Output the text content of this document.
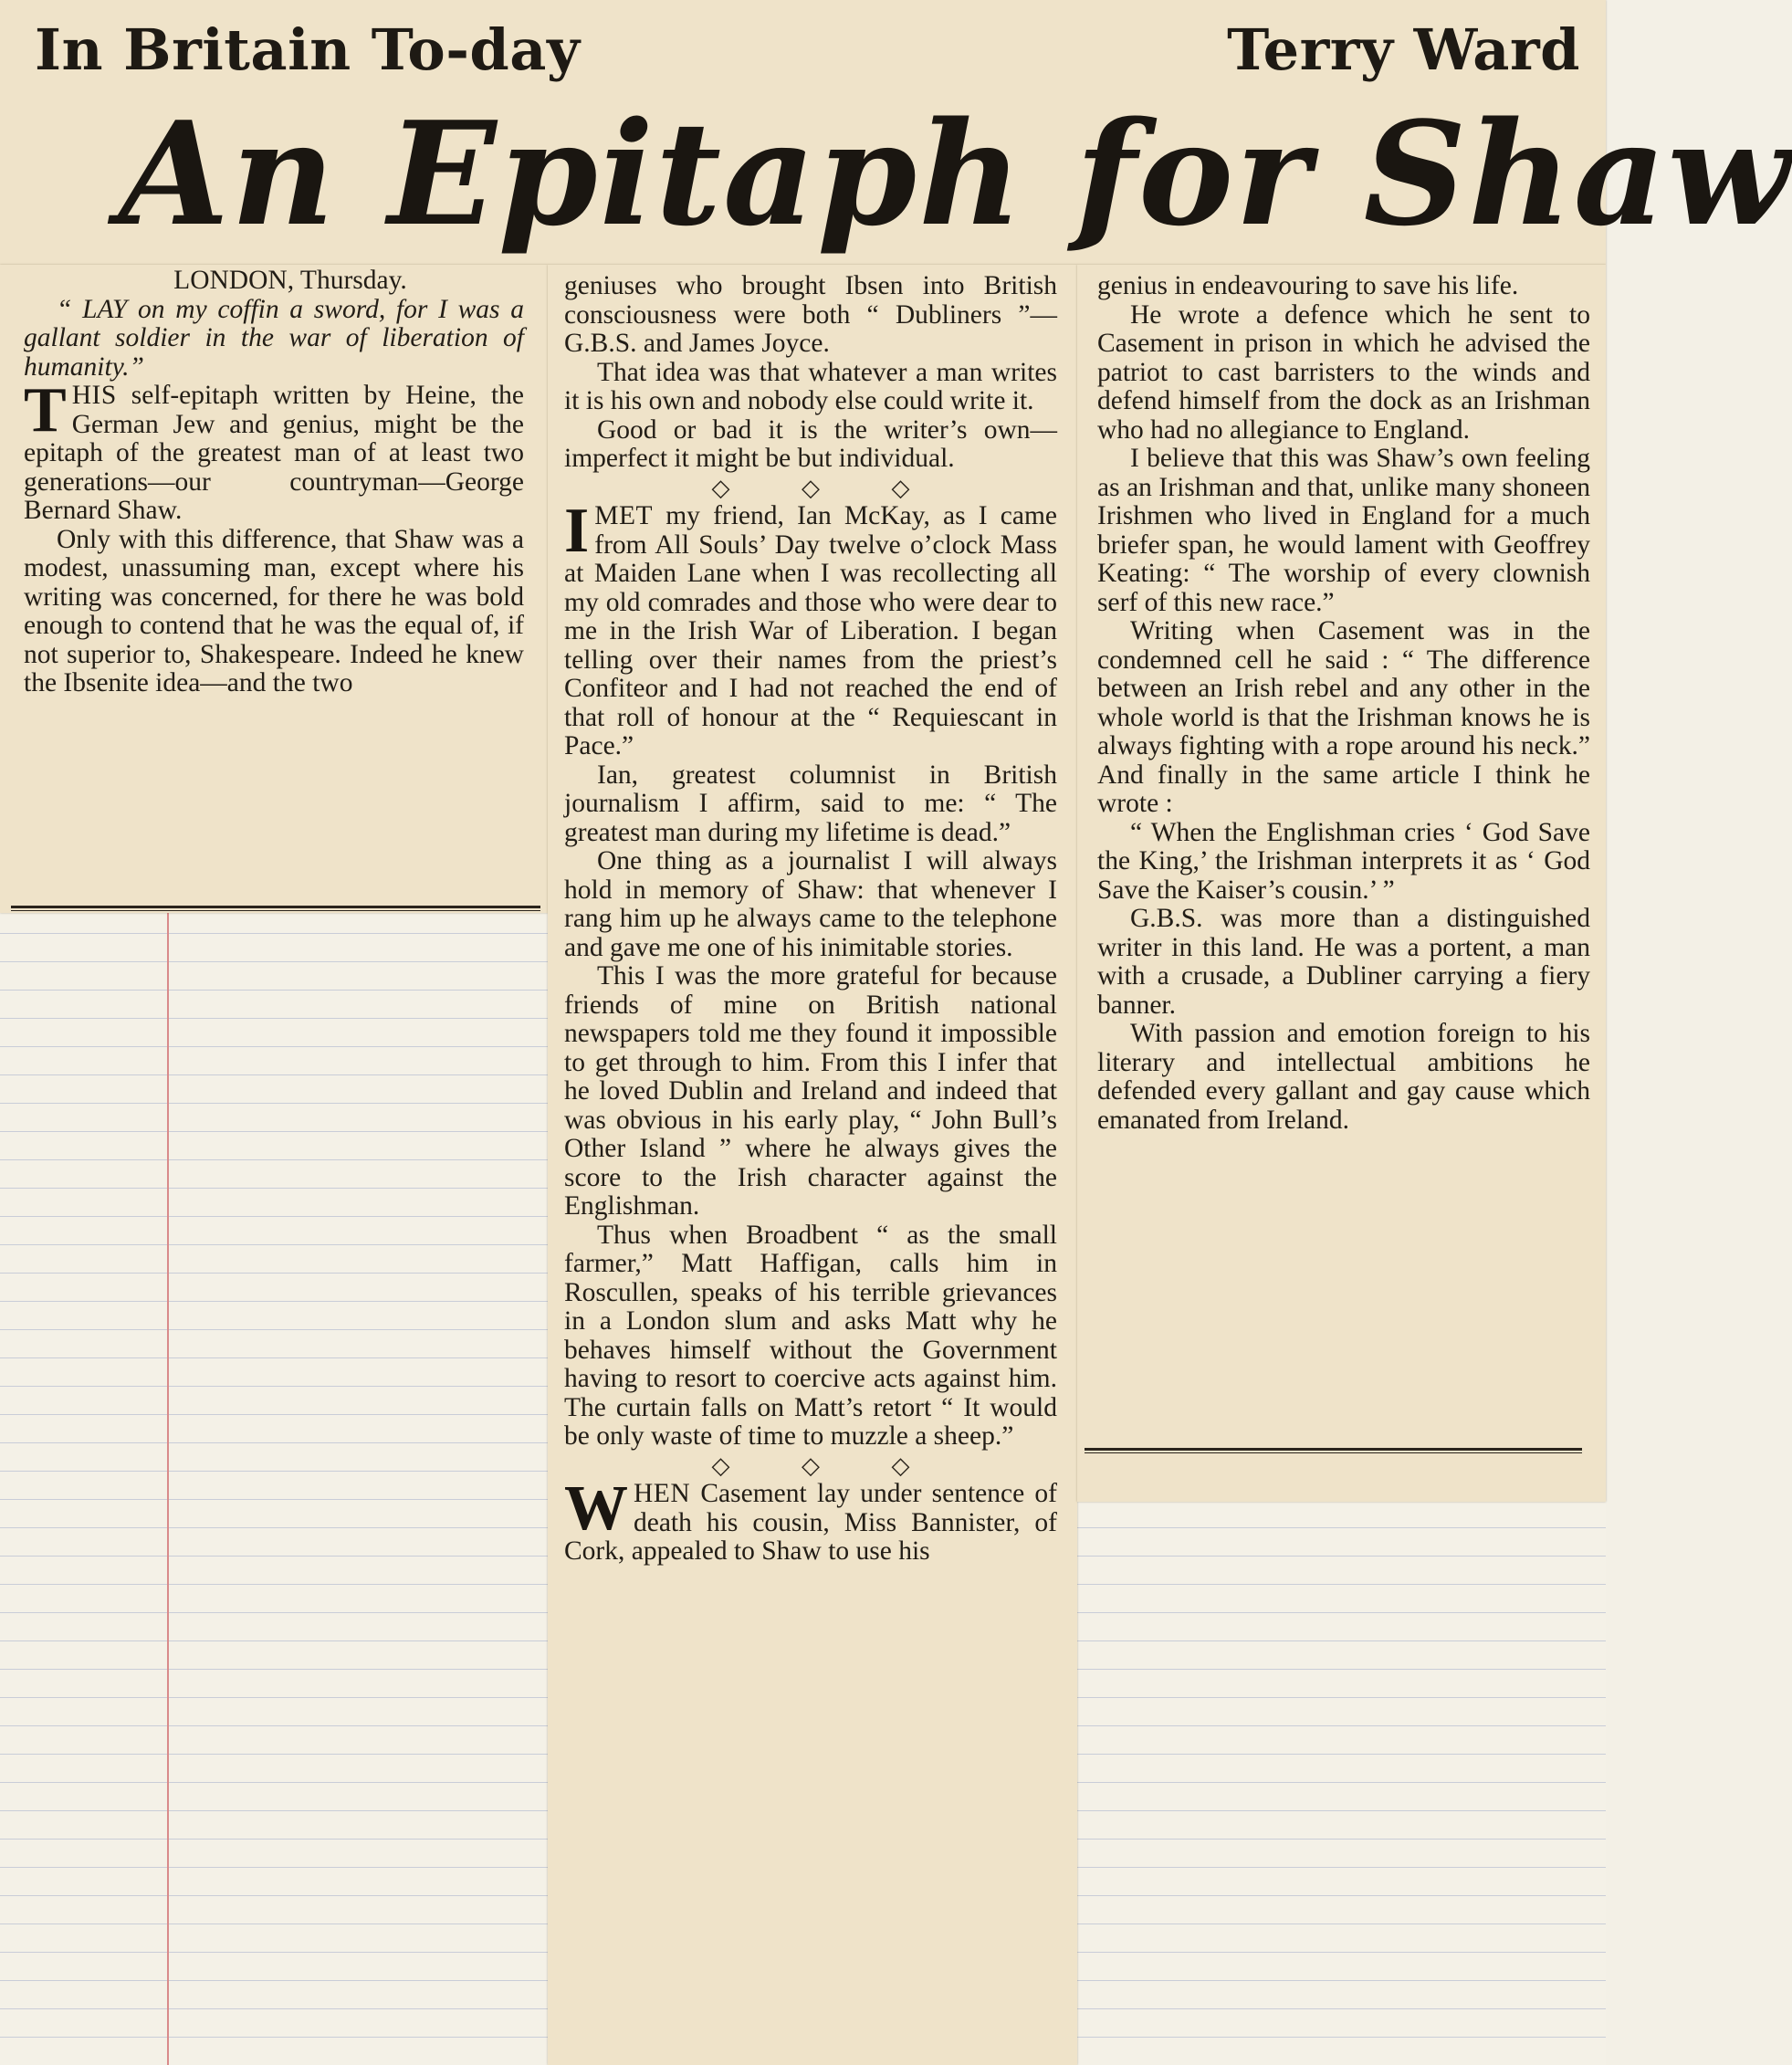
In Britain To-day	Terry Ward
An Epitaph for Shaw

LONDON, Thursday.

“ LAY on my coffin a sword, for I was a gallant soldier in the war of liberation of humanity.”

THIS self-epitaph written by Heine, the German Jew and genius, might be the epitaph of the greatest man of at least two generations—our countryman—George Bernard Shaw.

Only with this difference, that Shaw was a modest, unassuming man, except where his writing was concerned, for there he was bold enough to contend that he was the equal of, if not superior to, Shakespeare. Indeed he knew the Ibsenite idea—and the two

geniuses who brought Ibsen into British consciousness were both “ Dubliners ”—G.B.S. and James Joyce.

That idea was that whatever a man writes it is his own and nobody else could write it.

Good or bad it is the writer’s own—imperfect it might be but individual.

◇ ◇ ◇

IMET my friend, Ian McKay, as I came from All Souls’ Day twelve o’clock Mass at Maiden Lane when I was recollecting all my old comrades and those who were dear to me in the Irish War of Liberation. I began telling over their names from the priest’s Confiteor and I had not reached the end of that roll of honour at the “ Requiescant in Pace.”

Ian, greatest columnist in British journalism I affirm, said to me: “ The greatest man during my lifetime is dead.”

One thing as a journalist I will always hold in memory of Shaw: that whenever I rang him up he always came to the telephone and gave me one of his inimitable stories.

This I was the more grateful for because friends of mine on British national newspapers told me they found it impossible to get through to him. From this I infer that he loved Dublin and Ireland and indeed that was obvious in his early play, “ John Bull’s Other Island ” where he always gives the score to the Irish character against the Englishman.

Thus when Broadbent “ as the small farmer,” Matt Haffigan, calls him in Roscullen, speaks of his terrible grievances in a London slum and asks Matt why he behaves himself without the Government having to resort to coercive acts against him. The curtain falls on Matt’s retort “ It would be only waste of time to muzzle a sheep.”

◇ ◇ ◇

WHEN Casement lay under sentence of death his cousin, Miss Bannister, of Cork, appealed to Shaw to use his

genius in endeavouring to save his life.

He wrote a defence which he sent to Casement in prison in which he advised the patriot to cast barristers to the winds and defend himself from the dock as an Irishman who had no allegiance to England.

I believe that this was Shaw’s own feeling as an Irishman and that, unlike many shoneen Irishmen who lived in England for a much briefer span, he would lament with Geoffrey Keating: “ The worship of every clownish serf of this new race.”

Writing when Casement was in the condemned cell he said : “ The difference between an Irish rebel and any other in the whole world is that the Irishman knows he is always fighting with a rope around his neck.” And finally in the same article I think he wrote :

“ When the Englishman cries ‘ God Save the King,’ the Irishman interprets it as ‘ God Save the Kaiser’s cousin.’ ”

G.B.S. was more than a distinguished writer in this land. He was a portent, a man with a crusade, a Dubliner carrying a fiery banner.

With passion and emotion foreign to his literary and intellectual ambitions he defended every gallant and gay cause which emanated from Ireland.
